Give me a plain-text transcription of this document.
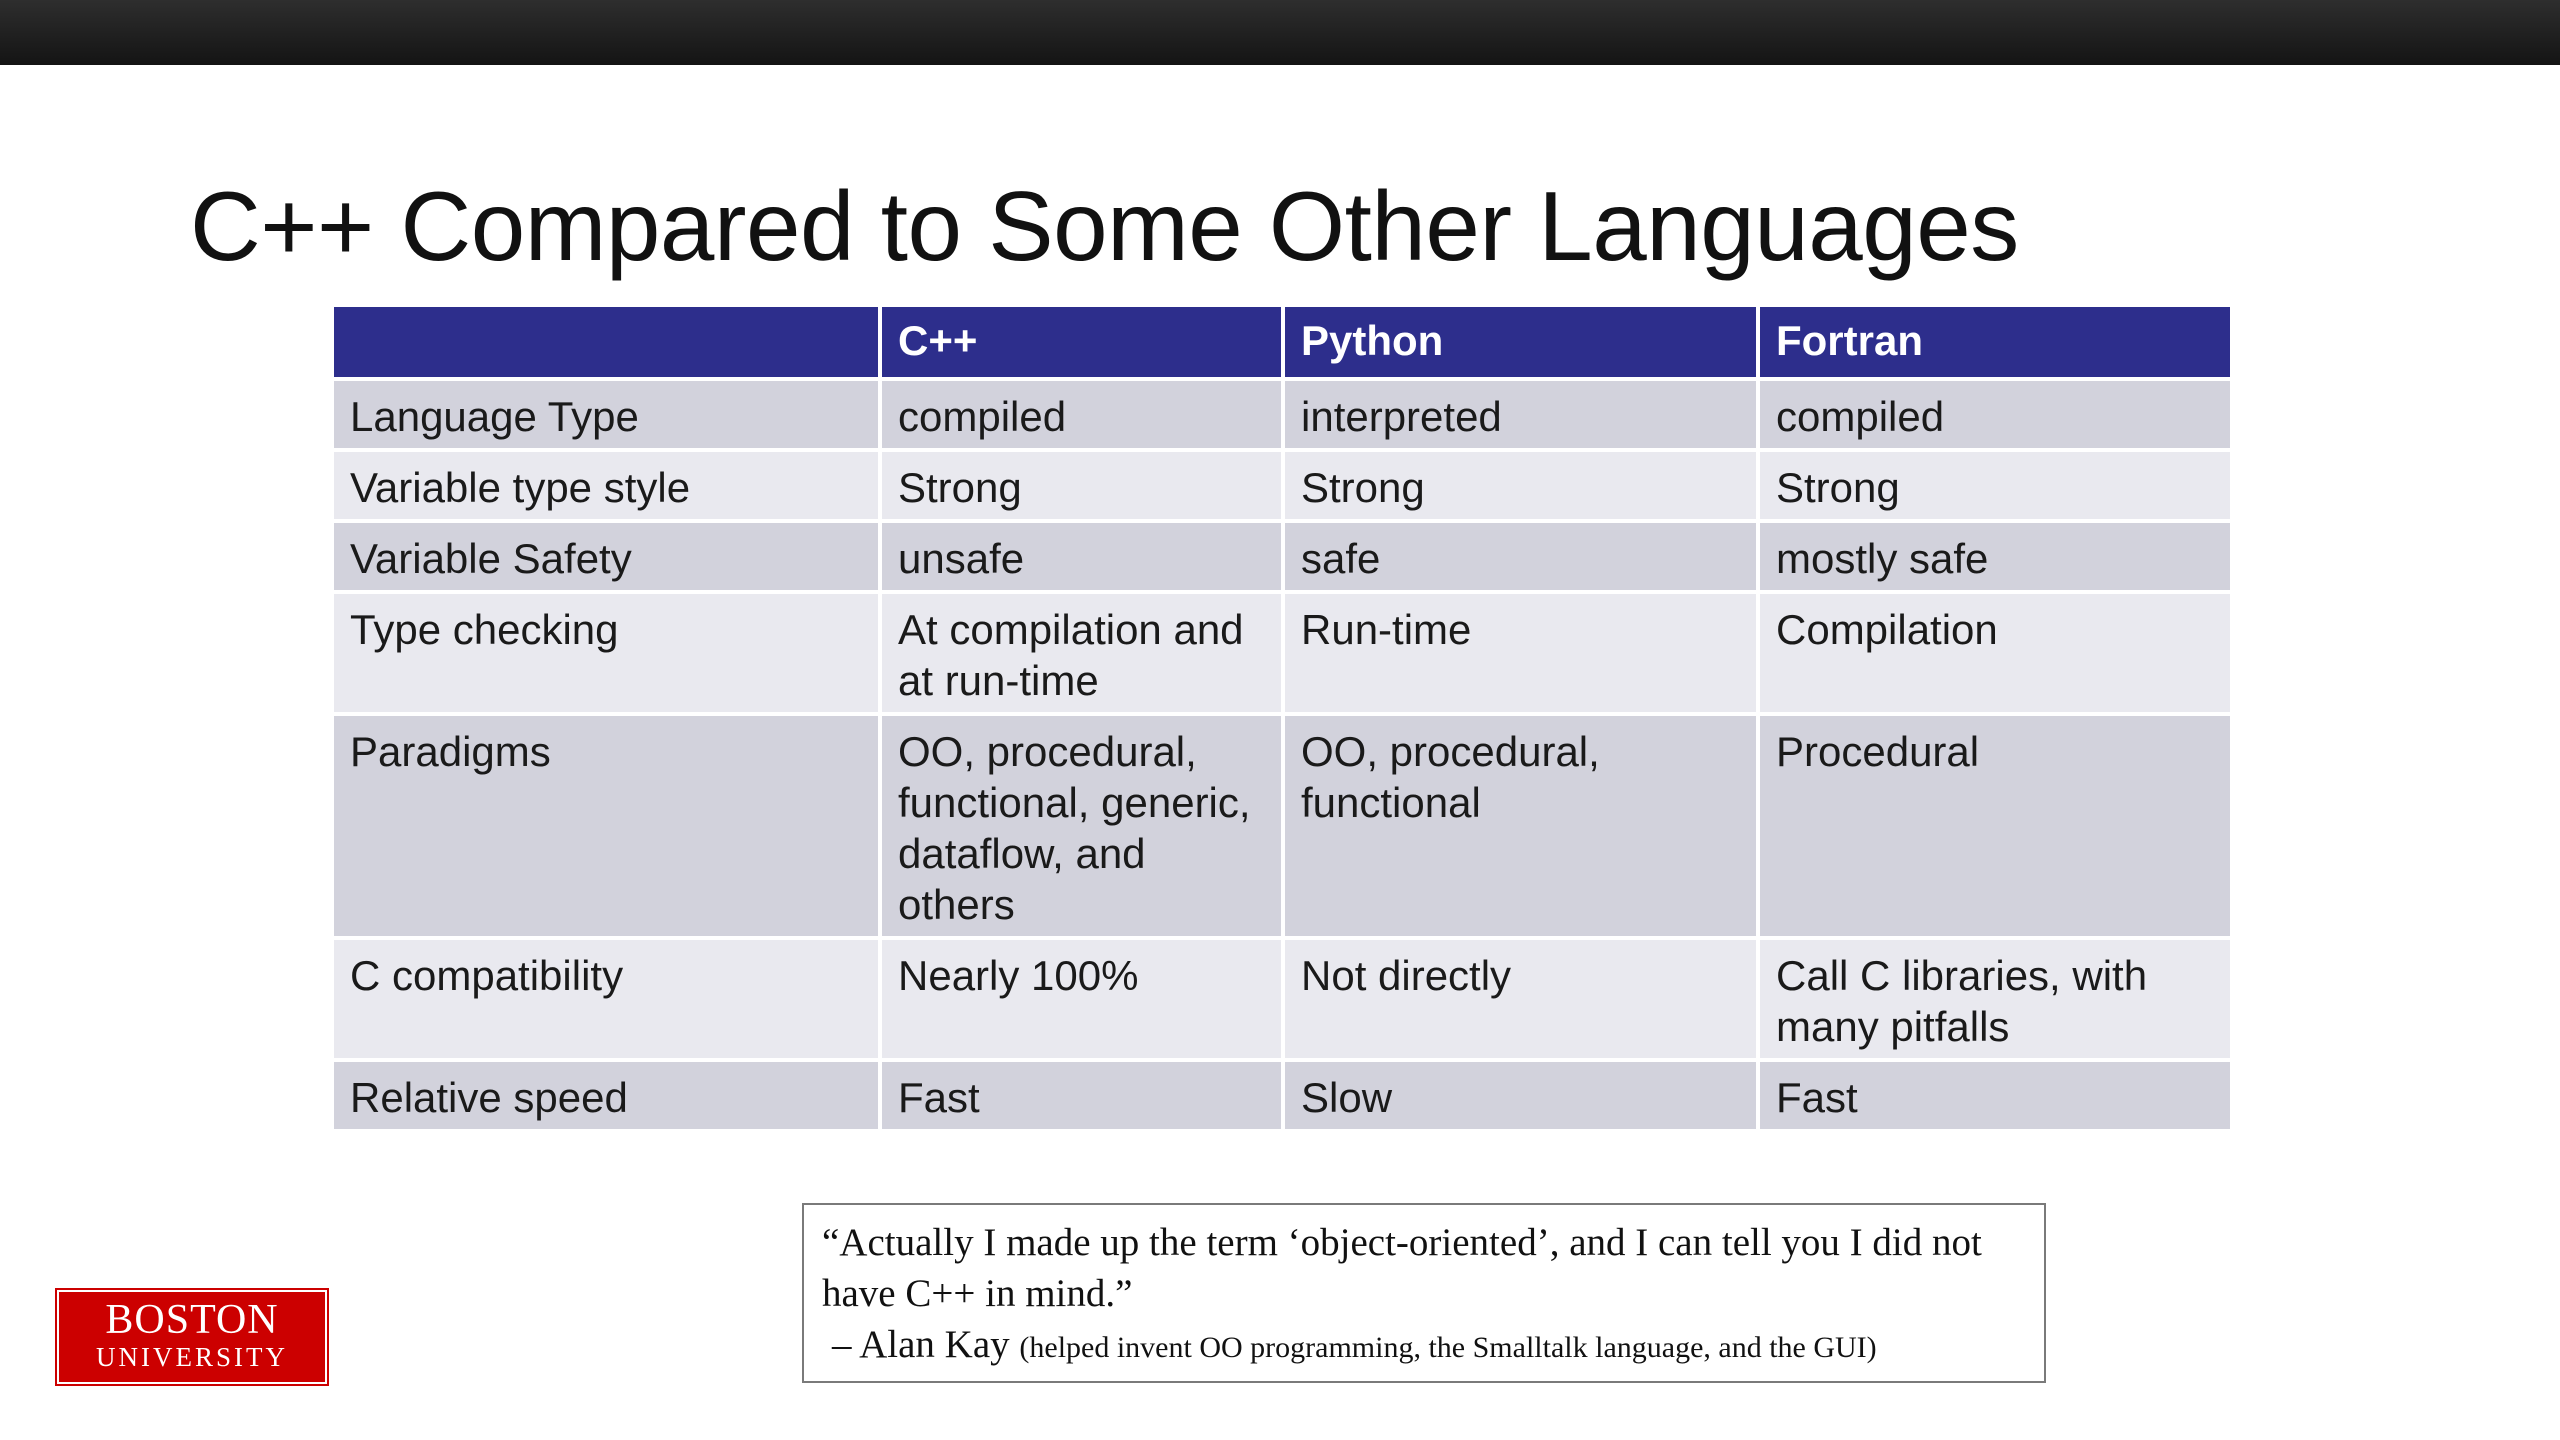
C++ Compared to Some Other Languages
	C++	Python	Fortran
Language Type	compiled	interpreted	compiled
Variable type style	Strong	Strong	Strong
Variable Safety	unsafe	safe	mostly safe
Type checking	At compilation and at run-time	Run-time	Compilation
Paradigms	OO, procedural, functional, generic, dataflow, and others	OO, procedural, functional	Procedural
C compatibility	Nearly 100%	Not directly	Call C libraries, with many pitfalls
Relative speed	Fast	Slow	Fast
“Actually I made up the term ‘object-oriented’, and I can tell you I did not have C++ in mind.”
– Alan Kay (helped invent OO programming, the Smalltalk language, and the GUI)
BOSTON
UNIVERSITY
